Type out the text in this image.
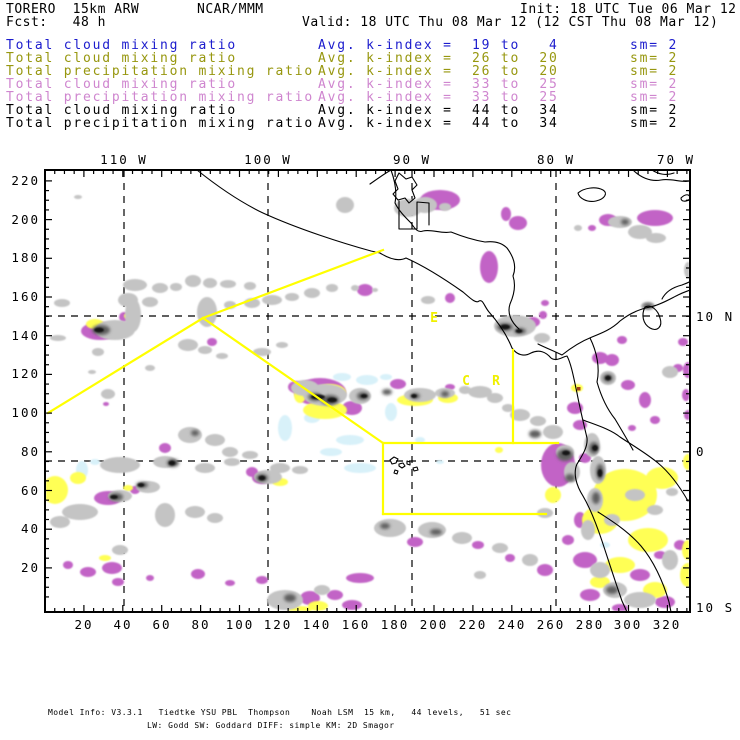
TORERO  15km ARW	NCAR/MMM	Init: 18 UTC Tue 06 Mar 12
Fcst:   48 h	Valid: 18 UTC Thu 08 Mar 12 (12 CST Thu 08 Mar 12)
Total cloud mixing ratio	Avg. k-index =  19 to   4	sm= 2
Total cloud mixing ratio	Avg. k-index =  26 to  20	sm= 2
Total precipitation mixing ratio Avg. k-index =  26 to  20	sm= 2
Total cloud mixing ratio	Avg. k-index =  33 to  25	sm= 2
Total precipitation mixing ratio Avg. k-index =  33 to  25	sm= 2
Total cloud mixing ratio	Avg. k-index =  44 to  34	sm= 2
Total precipitation mixing ratio Avg. k-index =  44 to  34	sm= 2
E
C R
110 W	100 W	90 W	80 W	70 W
20 40 60 80 100 120 140 160 180 200 220 240 260 280 300 320
220
200
180
160
140
120
100
80
60
40
20
10 N
0
10 S
Model Info: V3.3.1   Tiedtke YSU PBL  Thompson    Noah LSM  15 km,   44 levels,   51 sec
LW: Godd SW: Goddard DIFF: simple KM: 2D Smagor
